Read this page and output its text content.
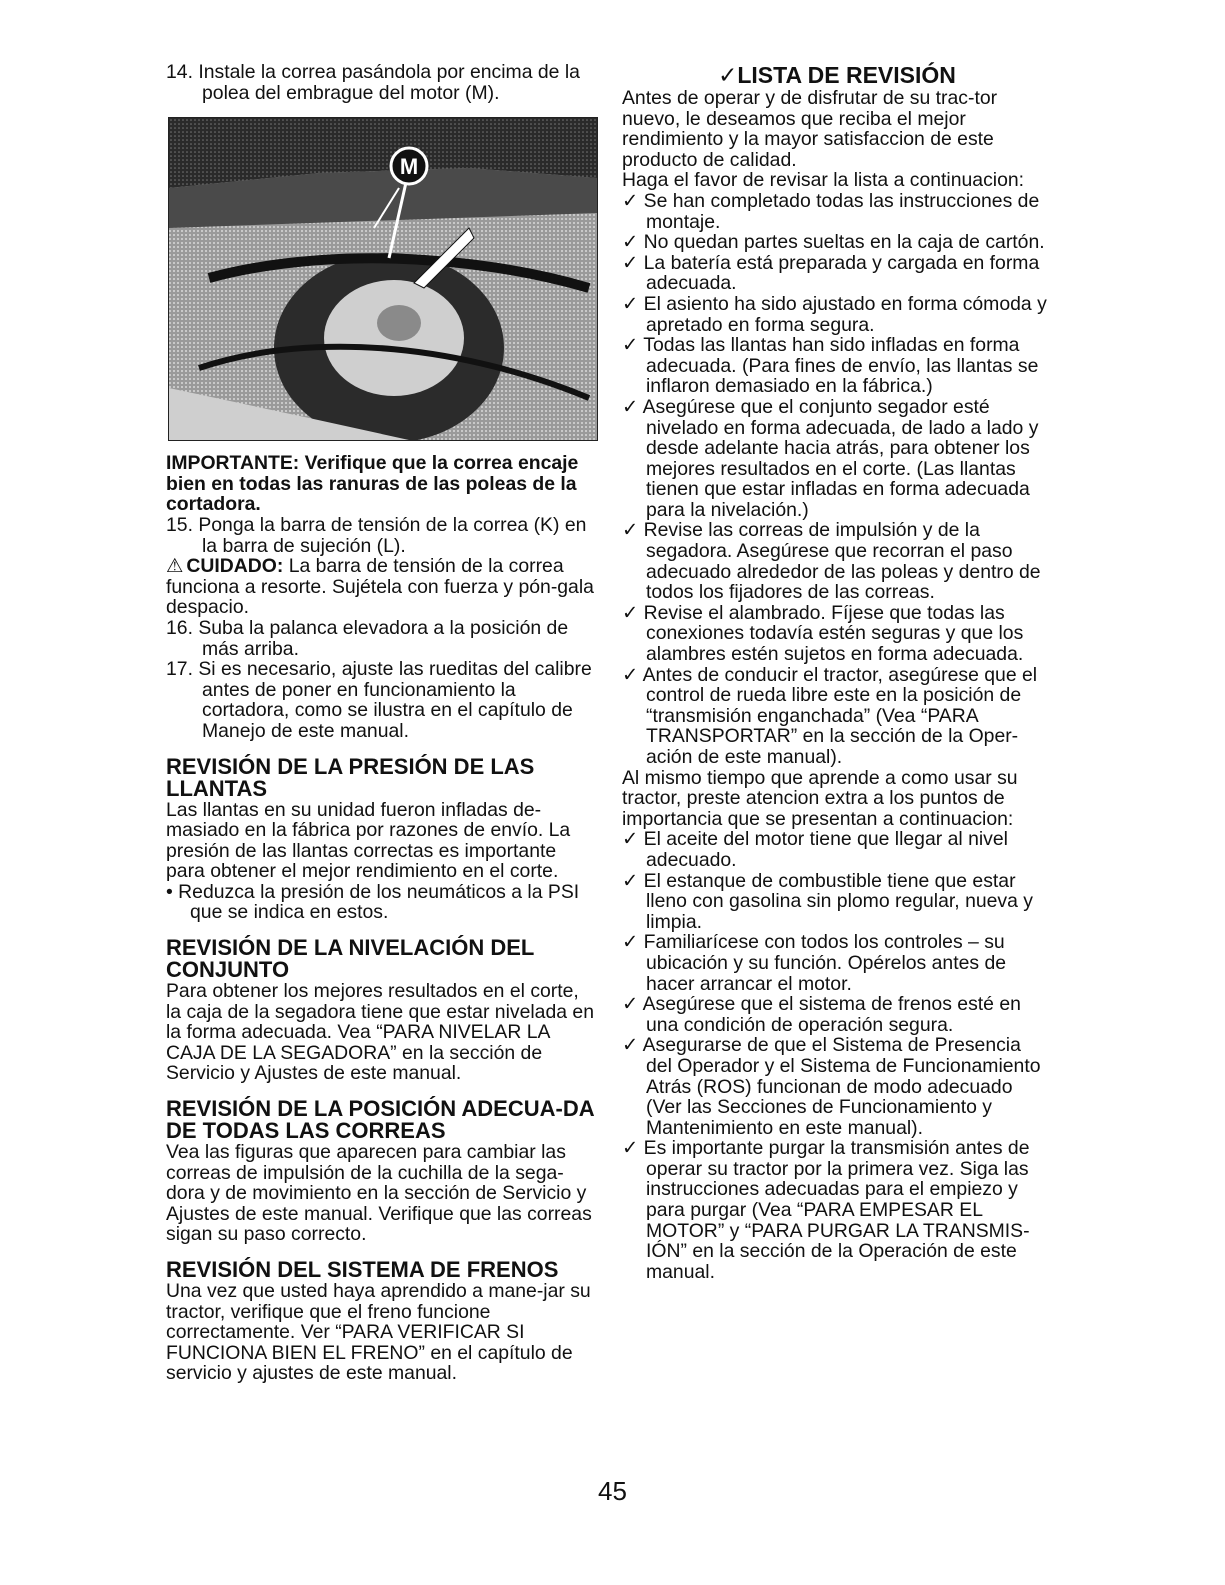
14. Instale la correa pasándola por encima de la polea del embrague del motor (M).

M

IMPORTANTE: Verifique que la correa encaje bien en todas las ranuras de las poleas de la cortadora.

15. Ponga la barra de tensión de la correa (K) en la barra de sujeción (L).

⚠ CUIDADO: La barra de tensión de la correa funciona a resorte. Sujétela con fuerza y pón-gala despacio.

16. Suba la palanca elevadora a la posición de más arriba.

17. Si es necesario, ajuste las rueditas del calibre antes de poner en funcionamiento la cortadora, como se ilustra en el capítulo de Manejo de este manual.

REVISIÓN DE LA PRESIÓN DE LAS LLANTAS

Las llantas en su unidad fueron infladas de-masiado en la fábrica por razones de envío. La presión de las llantas correctas es importante para obtener el mejor rendimiento en el corte.

• Reduzca la presión de los neumáticos a la PSI que se indica en estos.

REVISIÓN DE LA NIVELACIÓN DEL CONJUNTO

Para obtener los mejores resultados en el corte, la caja de la segadora tiene que estar nivelada en la forma adecuada. Vea “PARA NIVELAR LA CAJA DE LA SEGADORA” en la sección de Servicio y Ajustes de este manual.

REVISIÓN DE LA POSICIÓN ADECUA-DA DE TODAS LAS CORREAS

Vea las figuras que aparecen para cambiar las correas de impulsión de la cuchilla de la sega-dora y de movimiento en la sección de Servicio y Ajustes de este manual. Verifique que las correas sigan su paso correcto.

REVISIÓN DEL SISTEMA DE FRENOS

Una vez que usted haya aprendido a mane-jar su tractor, verifique que el freno funcione correctamente. Ver “PARA VERIFICAR SI FUNCIONA BIEN EL FRENO” en el capítulo de servicio y ajustes de este manual.

✓LISTA DE REVISIÓN

Antes de operar y de disfrutar de su trac-tor nuevo, le deseamos que reciba el mejor rendimiento y la mayor satisfaccion de este producto de calidad.

Haga el favor de revisar la lista a continuacion:

✓ Se han completado todas las instrucciones de montaje.

✓ No quedan partes sueltas en la caja de cartón.

✓ La batería está preparada y cargada en forma adecuada.

✓ El asiento ha sido ajustado en forma cómoda y apretado en forma segura.

✓ Todas las llantas han sido infladas en forma adecuada. (Para fines de envío, las llantas se inflaron demasiado en la fábrica.)

✓ Asegúrese que el conjunto segador esté nivelado en forma adecuada, de lado a lado y desde adelante hacia atrás, para obtener los mejores resultados en el corte. (Las llantas tienen que estar infladas en forma adecuada para la nivelación.)

✓ Revise las correas de impulsión y de la segadora. Asegúrese que recorran el paso adecuado alrededor de las poleas y dentro de todos los fijadores de las correas.

✓ Revise el alambrado. Fíjese que todas las conexiones todavía estén seguras y que los alambres estén sujetos en forma adecuada.

✓ Antes de conducir el tractor, asegúrese que el control de rueda libre este en la posición de “transmisión enganchada” (Vea “PARA TRANSPORTAR” en la sección de la Oper-ación de este manual).

Al mismo tiempo que aprende a como usar su tractor, preste atencion extra a los puntos de importancia que se presentan a continuacion:

✓ El aceite del motor tiene que llegar al nivel adecuado.

✓ El estanque de combustible tiene que estar lleno con gasolina sin plomo regular, nueva y limpia.

✓ Familiarícese con todos los controles – su ubicación y su función. Opérelos antes de hacer arrancar el motor.

✓ Asegúrese que el sistema de frenos esté en una condición de operación segura.

✓ Asegurarse de que el Sistema de Presencia del Operador y el Sistema de Funcionamiento Atrás (ROS) funcionan de modo adecuado (Ver las Secciones de Funcionamiento y Mantenimiento en este manual).

✓ Es importante purgar la transmisión antes de operar su tractor por la primera vez. Siga las instrucciones adecuadas para el empiezo y para purgar (Vea “PARA EMPESAR EL MOTOR” y “PARA PURGAR LA TRANSMIS-IÓN” en la sección de la Operación de este manual.

45
